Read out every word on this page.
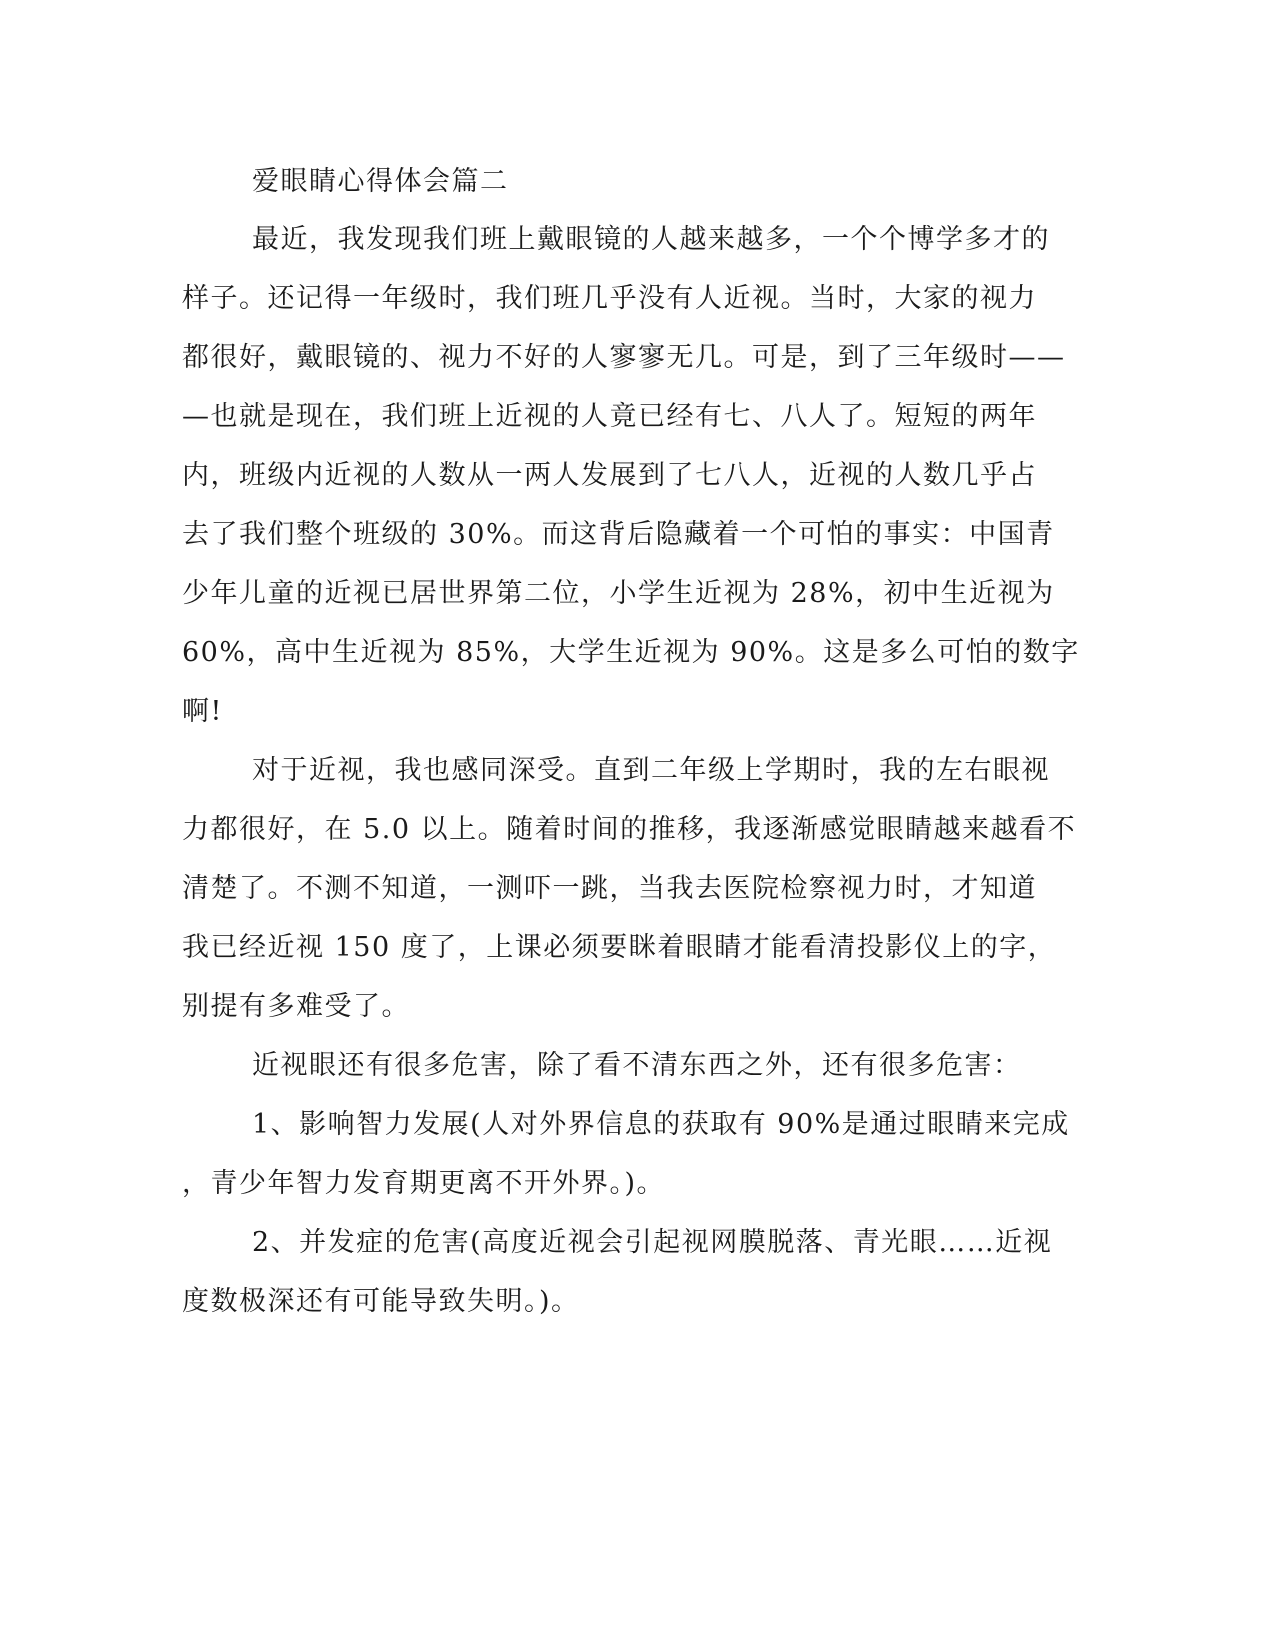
爱眼睛心得体会篇二
最近，我发现我们班上戴眼镜的人越来越多，一个个博学多才的
样子。还记得一年级时，我们班几乎没有人近视。当时，大家的视力
都很好，戴眼镜的、视力不好的人寥寥无几。可是，到了三年级时——
—也就是现在，我们班上近视的人竟已经有七、八人了。短短的两年
内，班级内近视的人数从一两人发展到了七八人，近视的人数几乎占
去了我们整个班级的 30%。而这背后隐藏着一个可怕的事实：中国青
少年儿童的近视已居世界第二位，小学生近视为 28%，初中生近视为
60%，高中生近视为 85%，大学生近视为 90%。这是多么可怕的数字
啊!
对于近视，我也感同深受。直到二年级上学期时，我的左右眼视
力都很好，在 5.0 以上。随着时间的推移，我逐渐感觉眼睛越来越看不
清楚了。不测不知道，一测吓一跳，当我去医院检察视力时，才知道
我已经近视 150 度了，上课必须要眯着眼睛才能看清投影仪上的字，
别提有多难受了。
近视眼还有很多危害，除了看不清东西之外，还有很多危害：
1、影响智力发展(人对外界信息的获取有 90%是通过眼睛来完成
，青少年智力发育期更离不开外界。)。
2、并发症的危害(高度近视会引起视网膜脱落、青光眼……近视
度数极深还有可能导致失明。)。
